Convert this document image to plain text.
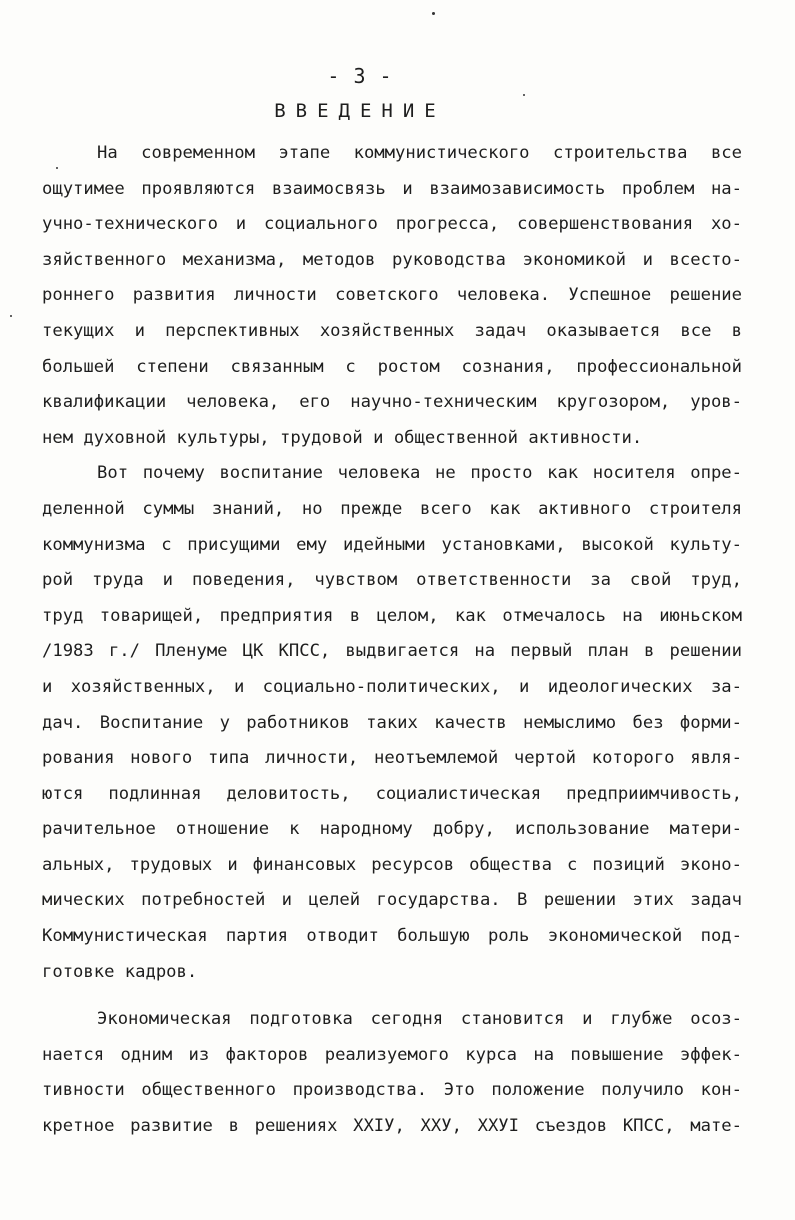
- 3 -
ВВЕДЕНИЕ
На современном этапе коммунистического строительства все
ощутимее проявляются взаимосвязь и взаимозависимость проблем на-
учно-технического и социального прогресса, совершенствования хо-
зяйственного механизма, методов руководства экономикой и всесто-
роннего развития личности советского человека. Успешное решение
текущих и перспективных хозяйственных задач оказывается все в
большей степени связанным с ростом сознания, профессиональной
квалификации человека, его научно-техническим кругозором, уров-
нем духовной культуры, трудовой и общественной активности.
Вот почему воспитание человека не просто как носителя опре-
деленной суммы знаний, но прежде всего как активного строителя
коммунизма с присущими ему идейными установками, высокой культу-
рой труда и поведения, чувством ответственности за свой труд,
труд товарищей, предприятия в целом, как отмечалось на июньском
/1983 г./ Пленуме ЦК КПСС, выдвигается на первый план в решении
и хозяйственных, и социально-политических, и идеологических за-
дач. Воспитание у работников таких качеств немыслимо без форми-
рования нового типа личности, неотъемлемой чертой которого явля-
ются подлинная деловитость, социалистическая предприимчивость,
рачительное отношение к народному добру, использование матери-
альных, трудовых и финансовых ресурсов общества с позиций эконо-
мических потребностей и целей государства. В решении этих задач
Коммунистическая партия отводит большую роль экономической под-
готовке кадров.
Экономическая подготовка сегодня становится и глубже осоз-
нается одним из факторов реализуемого курса на повышение эффек-
тивности общественного производства. Это положение получило кон-
кретное развитие в решениях XXIУ, XXУ, XXУI съездов КПСС, мате-
